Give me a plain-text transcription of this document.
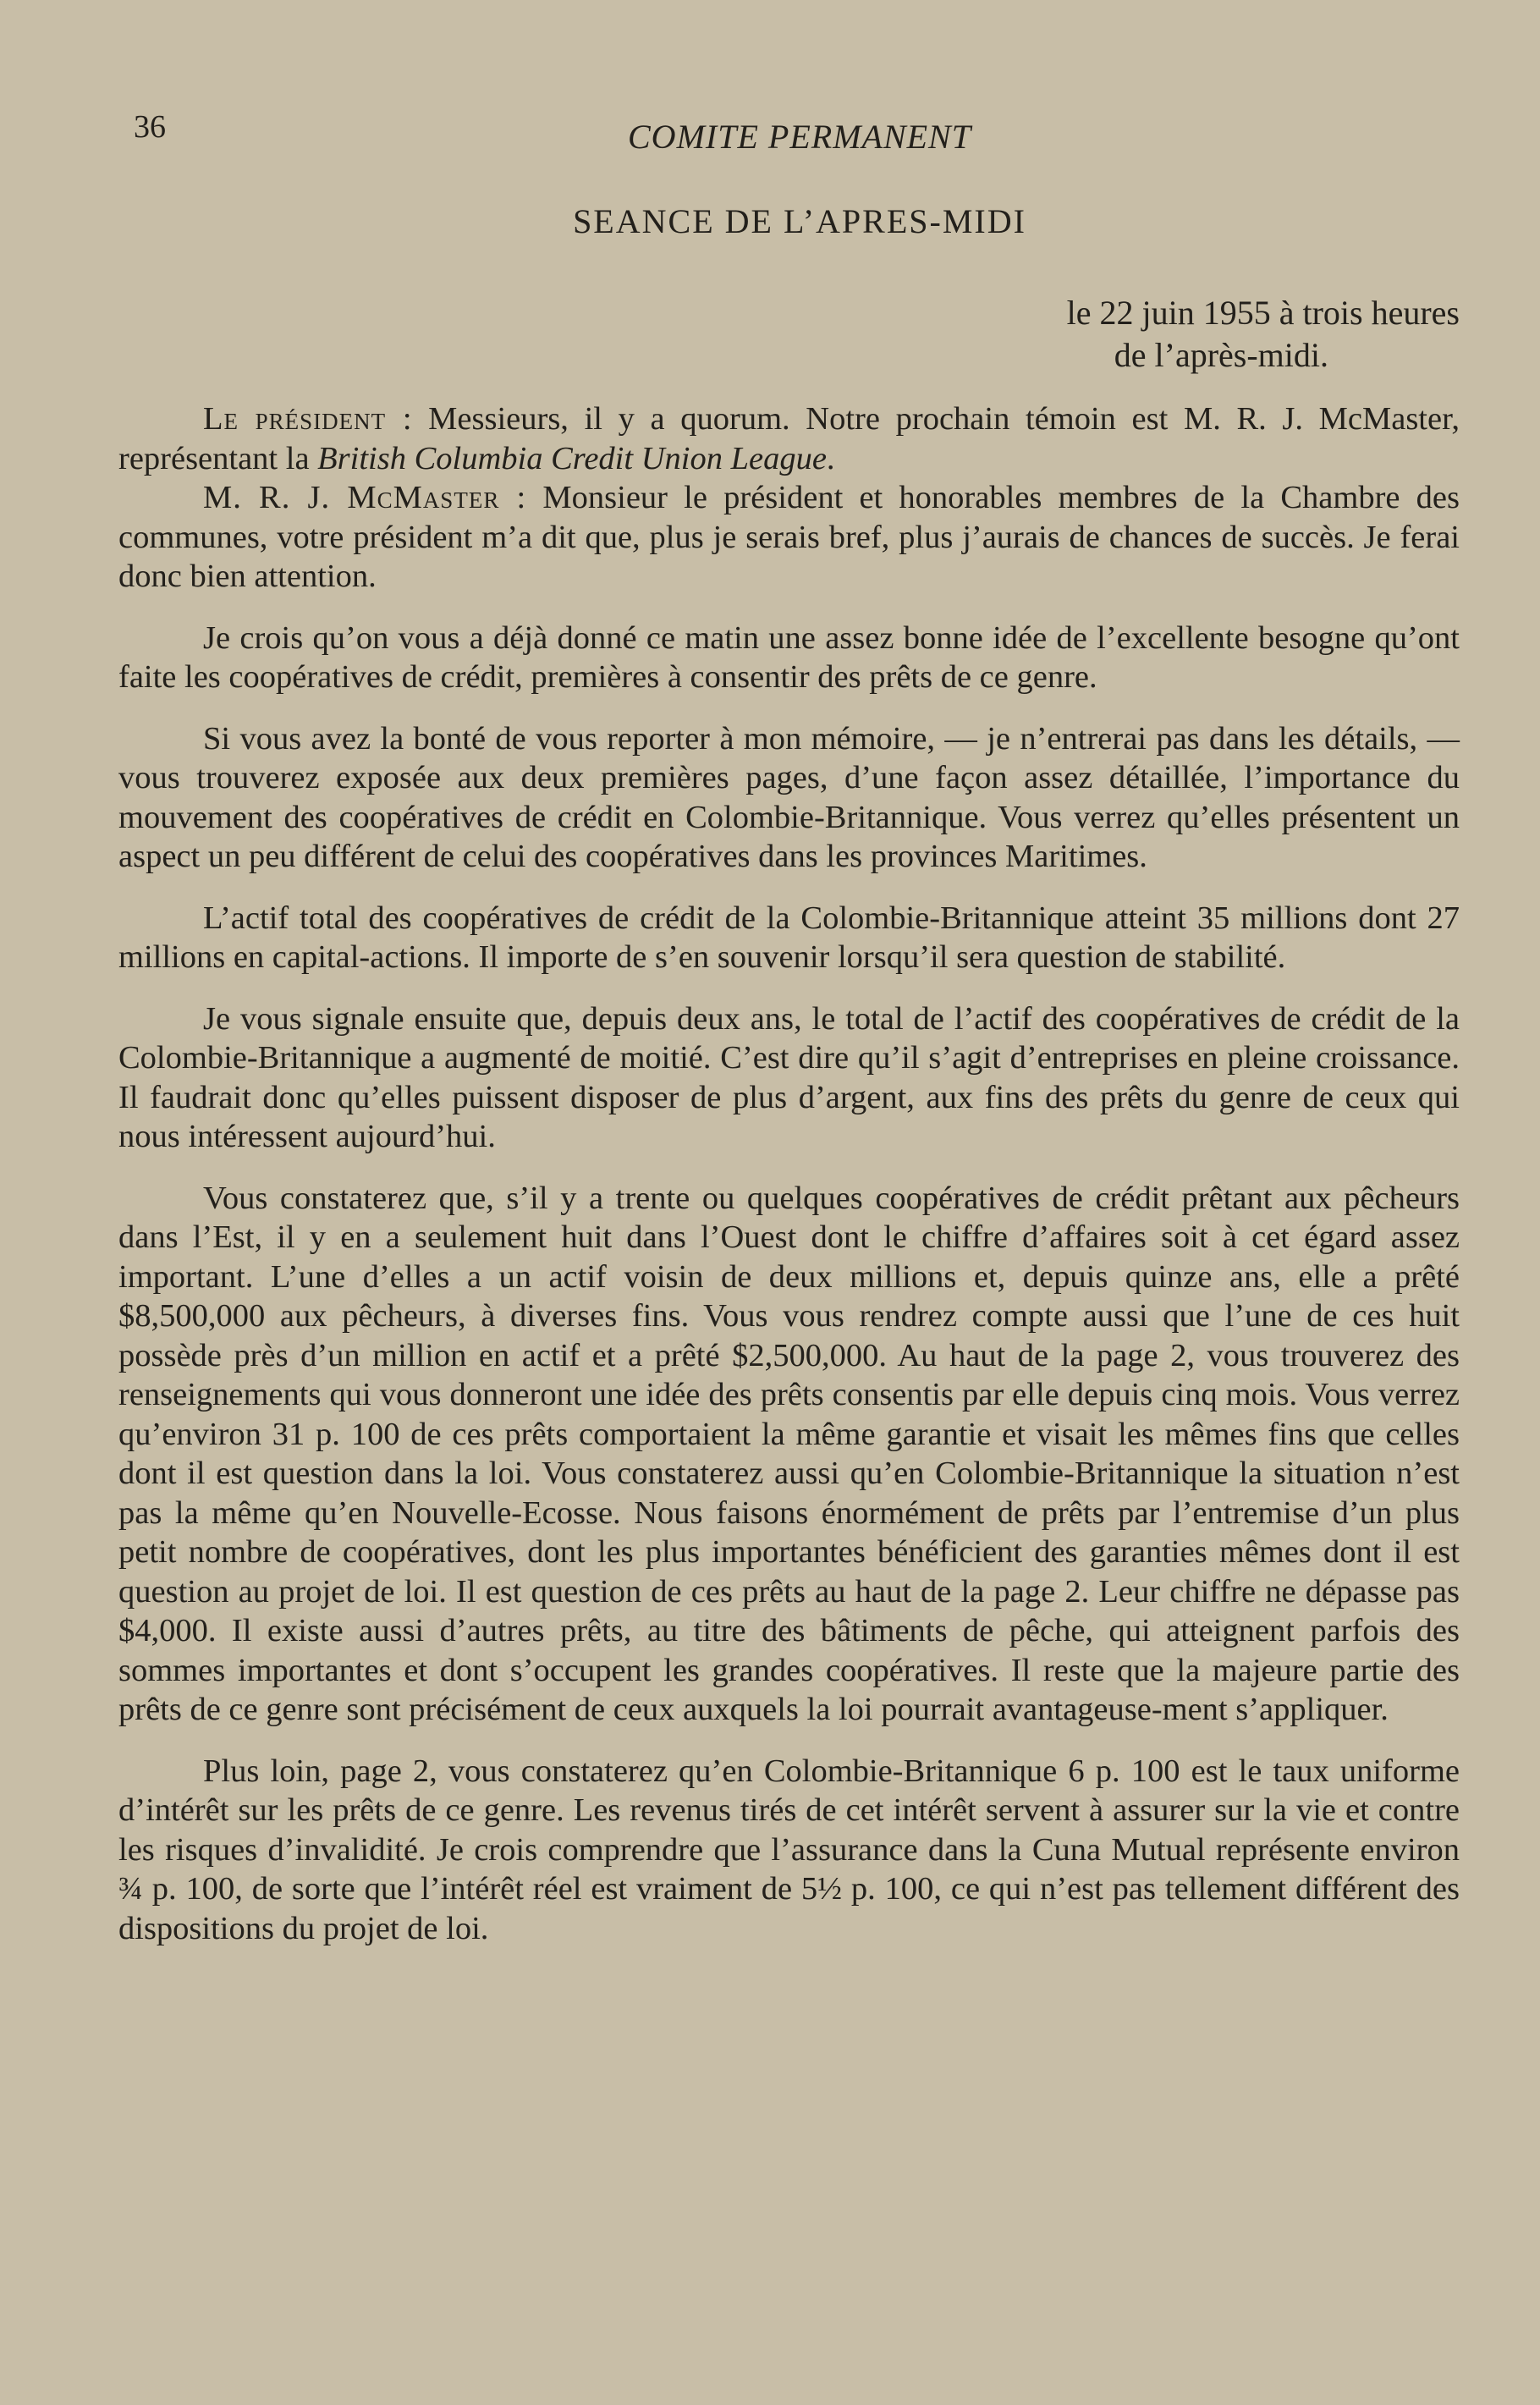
36	COMITE PERMANENT
SEANCE DE L’APRES-MIDI
le 22 juin 1955 à trois heures
de l’après-midi.

Le président : Messieurs, il y a quorum. Notre prochain témoin est M. R. J. McMaster, représentant la British Columbia Credit Union League.

M. R. J. McMaster : Monsieur le président et honorables membres de la Chambre des communes, votre président m’a dit que, plus je serais bref, plus j’aurais de chances de succès. Je ferai donc bien attention.

Je crois qu’on vous a déjà donné ce matin une assez bonne idée de l’excellente besogne qu’ont faite les coopératives de crédit, premières à consentir des prêts de ce genre.

Si vous avez la bonté de vous reporter à mon mémoire, — je n’entrerai pas dans les détails, — vous trouverez exposée aux deux premières pages, d’une façon assez détaillée, l’importance du mouvement des coopératives de crédit en Colombie-Britannique. Vous verrez qu’elles présentent un aspect un peu différent de celui des coopératives dans les provinces Maritimes.

L’actif total des coopératives de crédit de la Colombie-Britannique atteint 35 millions dont 27 millions en capital-actions. Il importe de s’en souvenir lorsqu’il sera question de stabilité.

Je vous signale ensuite que, depuis deux ans, le total de l’actif des coopératives de crédit de la Colombie-Britannique a augmenté de moitié. C’est dire qu’il s’agit d’entreprises en pleine croissance. Il faudrait donc qu’elles puissent disposer de plus d’argent, aux fins des prêts du genre de ceux qui nous intéressent aujourd’hui.

Vous constaterez que, s’il y a trente ou quelques coopératives de crédit prêtant aux pêcheurs dans l’Est, il y en a seulement huit dans l’Ouest dont le chiffre d’affaires soit à cet égard assez important. L’une d’elles a un actif voisin de deux millions et, depuis quinze ans, elle a prêté $8,500,000 aux pêcheurs, à diverses fins. Vous vous rendrez compte aussi que l’une de ces huit possède près d’un million en actif et a prêté $2,500,000. Au haut de la page 2, vous trouverez des renseignements qui vous donneront une idée des prêts consentis par elle depuis cinq mois. Vous verrez qu’environ 31 p. 100 de ces prêts comportaient la même garantie et visait les mêmes fins que celles dont il est question dans la loi. Vous constaterez aussi qu’en Colombie-Britannique la situation n’est pas la même qu’en Nouvelle-Ecosse. Nous faisons énormément de prêts par l’entremise d’un plus petit nombre de coopératives, dont les plus importantes bénéficient des garanties mêmes dont il est question au projet de loi. Il est question de ces prêts au haut de la page 2. Leur chiffre ne dépasse pas $4,000. Il existe aussi d’autres prêts, au titre des bâtiments de pêche, qui atteignent parfois des sommes importantes et dont s’occupent les grandes coopératives. Il reste que la majeure partie des prêts de ce genre sont précisément de ceux auxquels la loi pourrait avantageuse-ment s’appliquer.

Plus loin, page 2, vous constaterez qu’en Colombie-Britannique 6 p. 100 est le taux uniforme d’intérêt sur les prêts de ce genre. Les revenus tirés de cet intérêt servent à assurer sur la vie et contre les risques d’invalidité. Je crois comprendre que l’assurance dans la Cuna Mutual représente environ ¾ p. 100, de sorte que l’intérêt réel est vraiment de 5½ p. 100, ce qui n’est pas tellement différent des dispositions du projet de loi.
